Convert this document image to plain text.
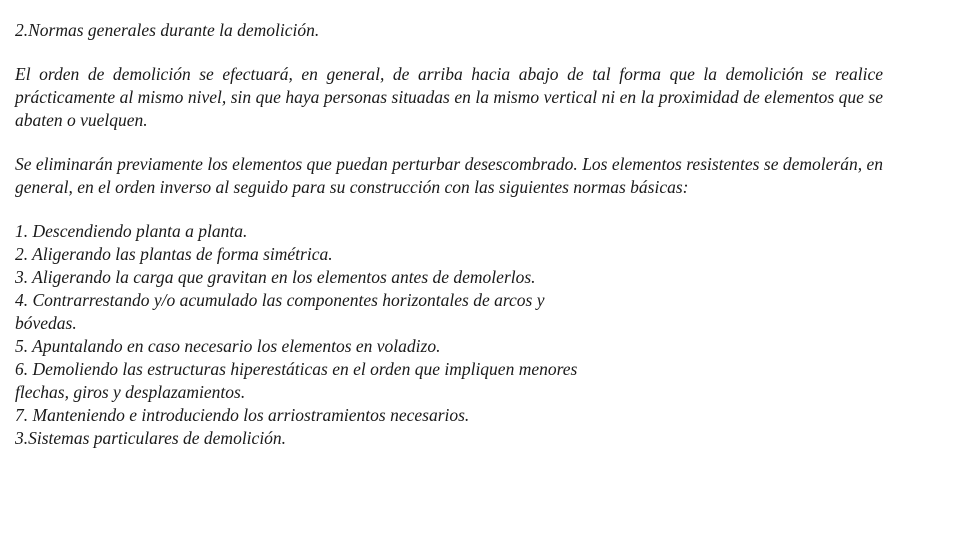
2.Normas generales durante la demolición.

El orden de demolición se efectuará, en general, de arriba hacia abajo de tal forma que la demolición se realice prácticamente al mismo nivel, sin que haya personas situadas en la mismo vertical ni en la proximidad de elementos que se abaten o vuelquen.

Se eliminarán previamente los elementos que puedan perturbar desescombrado. Los elementos resistentes se demolerán, en general, en el orden inverso al seguido para su construcción con las siguientes normas básicas:

1. Descendiendo planta a planta.
2. Aligerando las plantas de forma simétrica.
3. Aligerando la carga que gravitan en los elementos antes de demolerlos.
4. Contrarrestando y/o acumulado las componentes horizontales de arcos y bóvedas.
5. Apuntalando en caso necesario los elementos en voladizo.
6. Demoliendo las estructuras hiperestáticas en el orden que impliquen menores flechas, giros y desplazamientos.
7. Manteniendo e introduciendo los arriostramientos necesarios.

3.Sistemas particulares de demolición.
